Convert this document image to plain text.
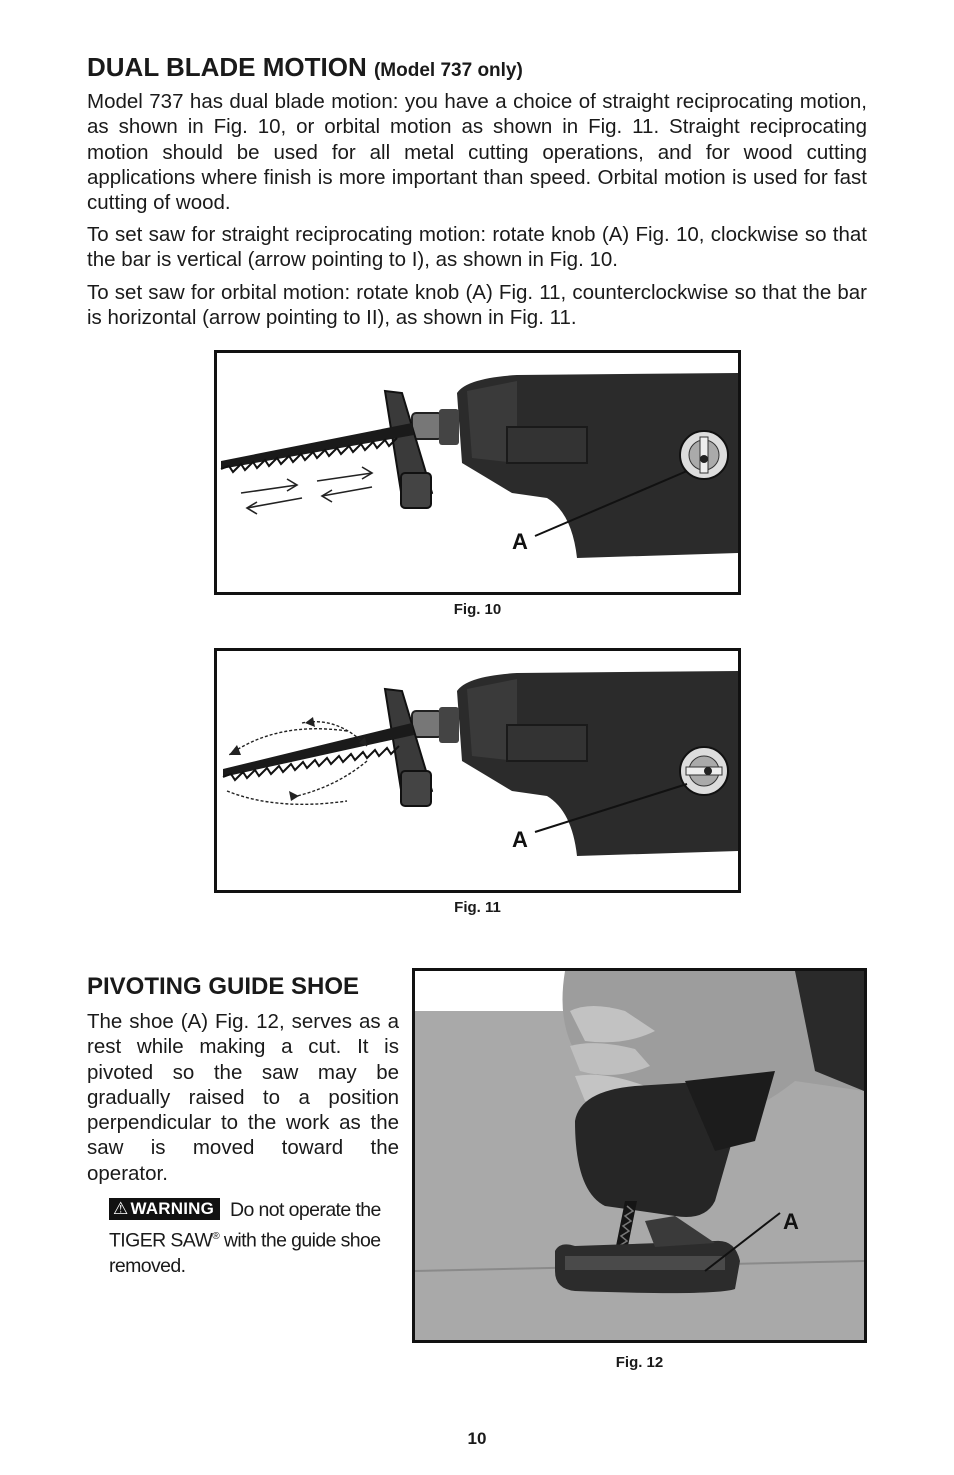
DUAL BLADE MOTION (Model 737 only)

Model 737 has dual blade motion: you have a choice of straight reciprocating motion, as shown in Fig. 10, or orbital motion as shown in Fig. 11. Straight reciprocating motion should be used for all metal cutting operations, and for wood cutting applications where finish is more important than speed. Orbital motion is used for fast cutting of wood.

To set saw for straight reciprocating motion: rotate knob (A) Fig. 10, clockwise so that the bar is vertical (arrow pointing to I), as shown in Fig. 10.

To set saw for orbital motion: rotate knob (A) Fig. 11, counterclockwise so that the bar is horizontal (arrow pointing to II), as shown in Fig. 11.

A
Fig. 10
A
Fig. 11
PIVOTING GUIDE SHOE

The shoe (A) Fig. 12, serves as a rest while making a cut. It is pivoted so the saw may be gradually raised to a position perpendicular to the work as the saw is moved toward the operator.

⚠ WARNING Do not operate the TIGER SAW® with the guide shoe removed.
A
Fig. 12
10
